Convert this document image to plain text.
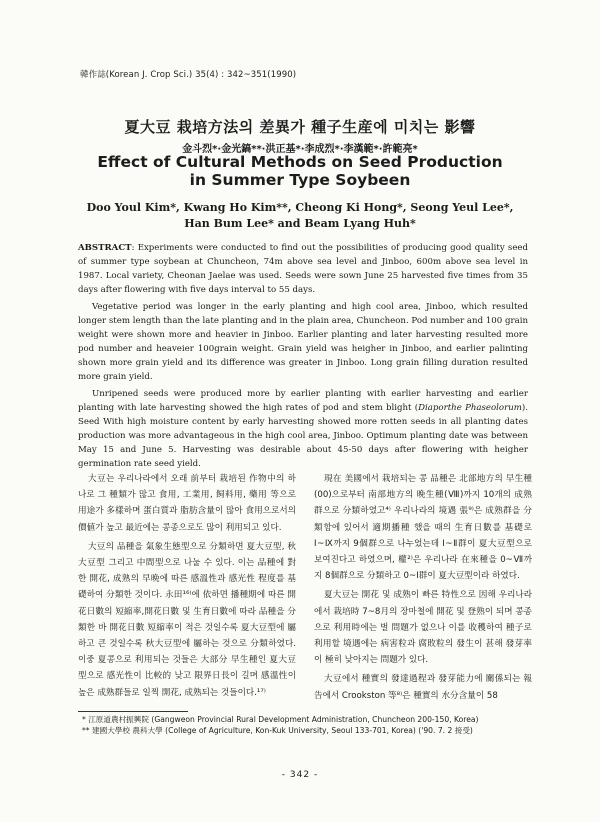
韓作誌(Korean J. Crop Sci.) 35(4) : 342~351(1990)
夏大豆 栽培方法의 差異가 種子生産에 미치는 影響
金斗烈*·金光鎬**·洪正基*·李成烈*·李漢範*·許範亮*
Effect of Cultural Methods on Seed Production
in Summer Type Soybeen
Doo Youl Kim*, Kwang Ho Kim**, Cheong Ki Hong*, Seong Yeul Lee*,
Han Bum Lee* and Beam Lyang Huh*

ABSTRACT: Experiments were conducted to find out the possibilities of producing good quality seed of summer type soybean at Chuncheon, 74m above sea level and Jinboo, 600m above sea level in 1987. Local variety, Cheonan Jaelae was used. Seeds were sown June 25 harvested five times from 35 days after flowering with five days interval to 55 days.

Vegetative period was longer in the early planting and high cool area, Jinboo, which resulted longer stem length than the late planting and in the plain area, Chuncheon. Pod number and 100 grain weight were shown more and heavier in Jinboo. Earlier planting and later harvesting resulted more pod number and heaveier 100grain weight. Grain yield was heigher in Jinboo, and earlier palinting shown more grain yield and its difference was greater in Jinboo. Long grain filling duration resulted more grain yield.

Unripened seeds were produced more by earlier planting with earlier harvesting and earlier planting with late harvesting showed the high rates of pod and stem blight (Diaporthe Phaseolorum). Seed With high moisture content by early harvesting showed more rotten seeds in all planting dates production was more advantageous in the high cool area, Jinboo. Optimum planting date was between May 15 and June 5. Harvesting was desirable about 45-50 days after flowering with heigher germination rate seed yield.

大豆는 우리나라에서 오래 前부터 栽培된 作物中의 하나로 그 種類가 많고 食用, 工業用, 飼料用, 藥用 等으로 用途가 多樣하며 蛋白質과 脂肪含量이 많아 食用으로서의 價値가 높고 最近에는 콩종으로도 많이 利用되고 있다.

大豆의 品種을 氣象生態型으로 分類하면 夏大豆型, 秋大豆型 그리고 中間型으로 나눌 수 있다. 이는 品種에 對한 開花, 成熟의 早晩에 따른 感溫性과 感光性 程度를 基礎하여 分類한 것이다. 永田¹⁶⁾에 依하면 播種期에 따른 開花日數의 短縮率,開花日數 및 生育日數에 따라 品種을 分類한 바 開花日數 短縮率이 적은 것일수록 夏大豆型에 屬하고 큰 것일수록 秋大豆型에 屬하는 것으로 分類하였다. 이중 夏콩으로 利用되는 것들은 大部分 早生種인 夏大豆型으로 感光性이 比較的 낮고 限界日長이 길며 感溫性이 높은 成熟群들로 일찍 開花, 成熟되는 것들이다.¹⁷⁾

現在 美國에서 栽培되는 콩 品種은 北部地方의 早生種(00)으로부터 南部地方의 晩生種(Ⅷ)까지 10개의 成熟群으로 分類하였고⁴⁾ 우리나라의 境遇 張⁹⁾은 成熟群을 分類함에 있어서 適期播種 했을 때의 生育日數를 基礎로 Ⅰ~Ⅸ까지 9個群으로 나누었는데 Ⅰ~Ⅱ群이 夏大豆型으로 보여진다고 하였으며, 權²⁾은 우리나라 在來種을 0~Ⅶ까지 8個群으로 分類하고 0~Ⅰ群이 夏大豆型이라 하였다.

夏大豆는 開花 및 成熟이 빠른 特性으로 因해 우리나라에서 栽培時 7~8月의 장마철에 開花 및 登熟이 되며 콩종으로 利用時에는 벌 問題가 없으나 이를 收穫하여 種子로 利用할 境遇에는 病害粒과 腐敗粒의 發生이 甚해 發芽率이 極히 낮아지는 問題가 있다.

大豆에서 種實의 發達過程과 發芽能力에 關係되는 報告에서 Crookston 等⁸⁾은 種實의 水分含量이 58

* 江原道農村振興院 (Gangweon Provincial Rural Development Administration, Chuncheon 200-150, Korea)
** 建國大學校 農科大學 (College of Agriculture, Kon-Kuk University, Seoul 133-701, Korea) ('90. 7. 2 接受)
- 342 -
